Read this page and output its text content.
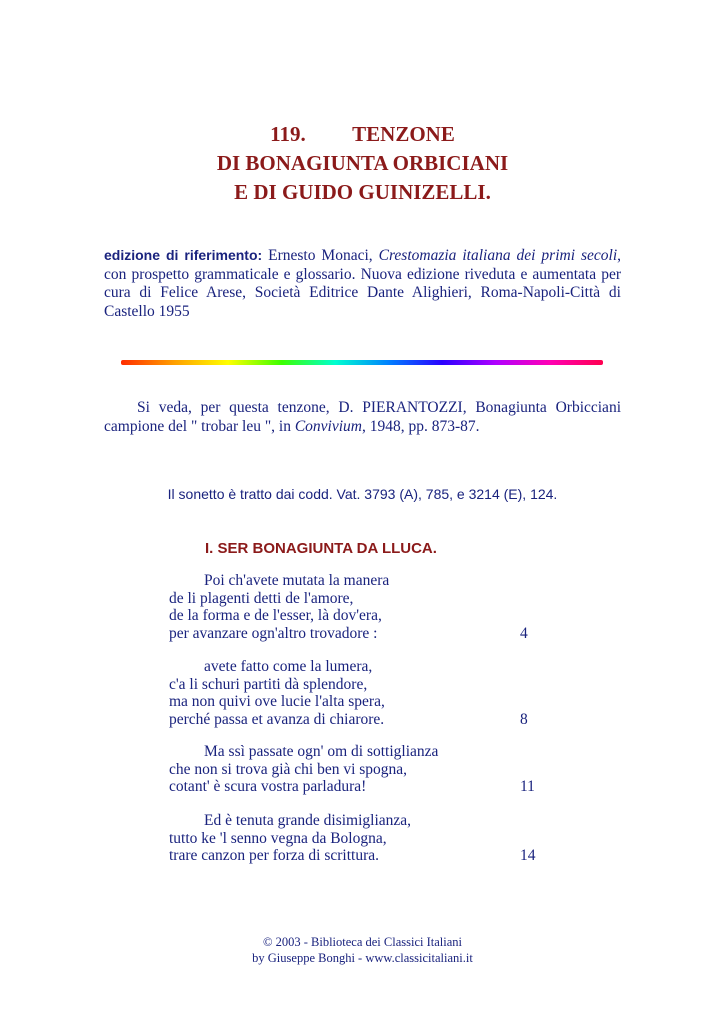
119. TENZONE
DI BONAGIUNTA ORBICIANI
E DI GUIDO GUINIZELLI.
edizione di riferimento: Ernesto Monaci, Crestomazia italiana dei primi secoli, con prospetto grammaticale e glossario. Nuova edizione riveduta e aumentata per cura di Felice Arese, Società Editrice Dante Alighieri, Roma-Napoli-Città di Castello 1955
Si veda, per questa tenzone, D. PIERANTOZZI, Bonagiunta Orbicciani campione del " trobar leu ", in Convivium, 1948, pp. 873-87.
Il sonetto è tratto dai codd. Vat. 3793 (A), 785, e 3214 (E), 124.
I. SER BONAGIUNTA DA LLUCA.
Poi ch'avete mutata la manera
de li plagenti detti de l'amore,
de la forma e de l'esser, là dov'era,
per avanzare ogn'altro trovadore :	4
avete fatto come la lumera,
c'a li schuri partiti dà splendore,
ma non quivi ove lucie l'alta spera,
perché passa et avanza di chiarore.	8
Ma ssì passate ogn' om di sottiglianza
che non si trova già chi ben vi spogna,
cotant' è scura vostra parladura!	11
Ed è tenuta grande disimiglianza,
tutto ke 'l senno vegna da Bologna,
trare canzon per forza di scrittura.	14
© 2003 - Biblioteca dei Classici Italiani
by Giuseppe Bonghi - www.classicitaliani.it
